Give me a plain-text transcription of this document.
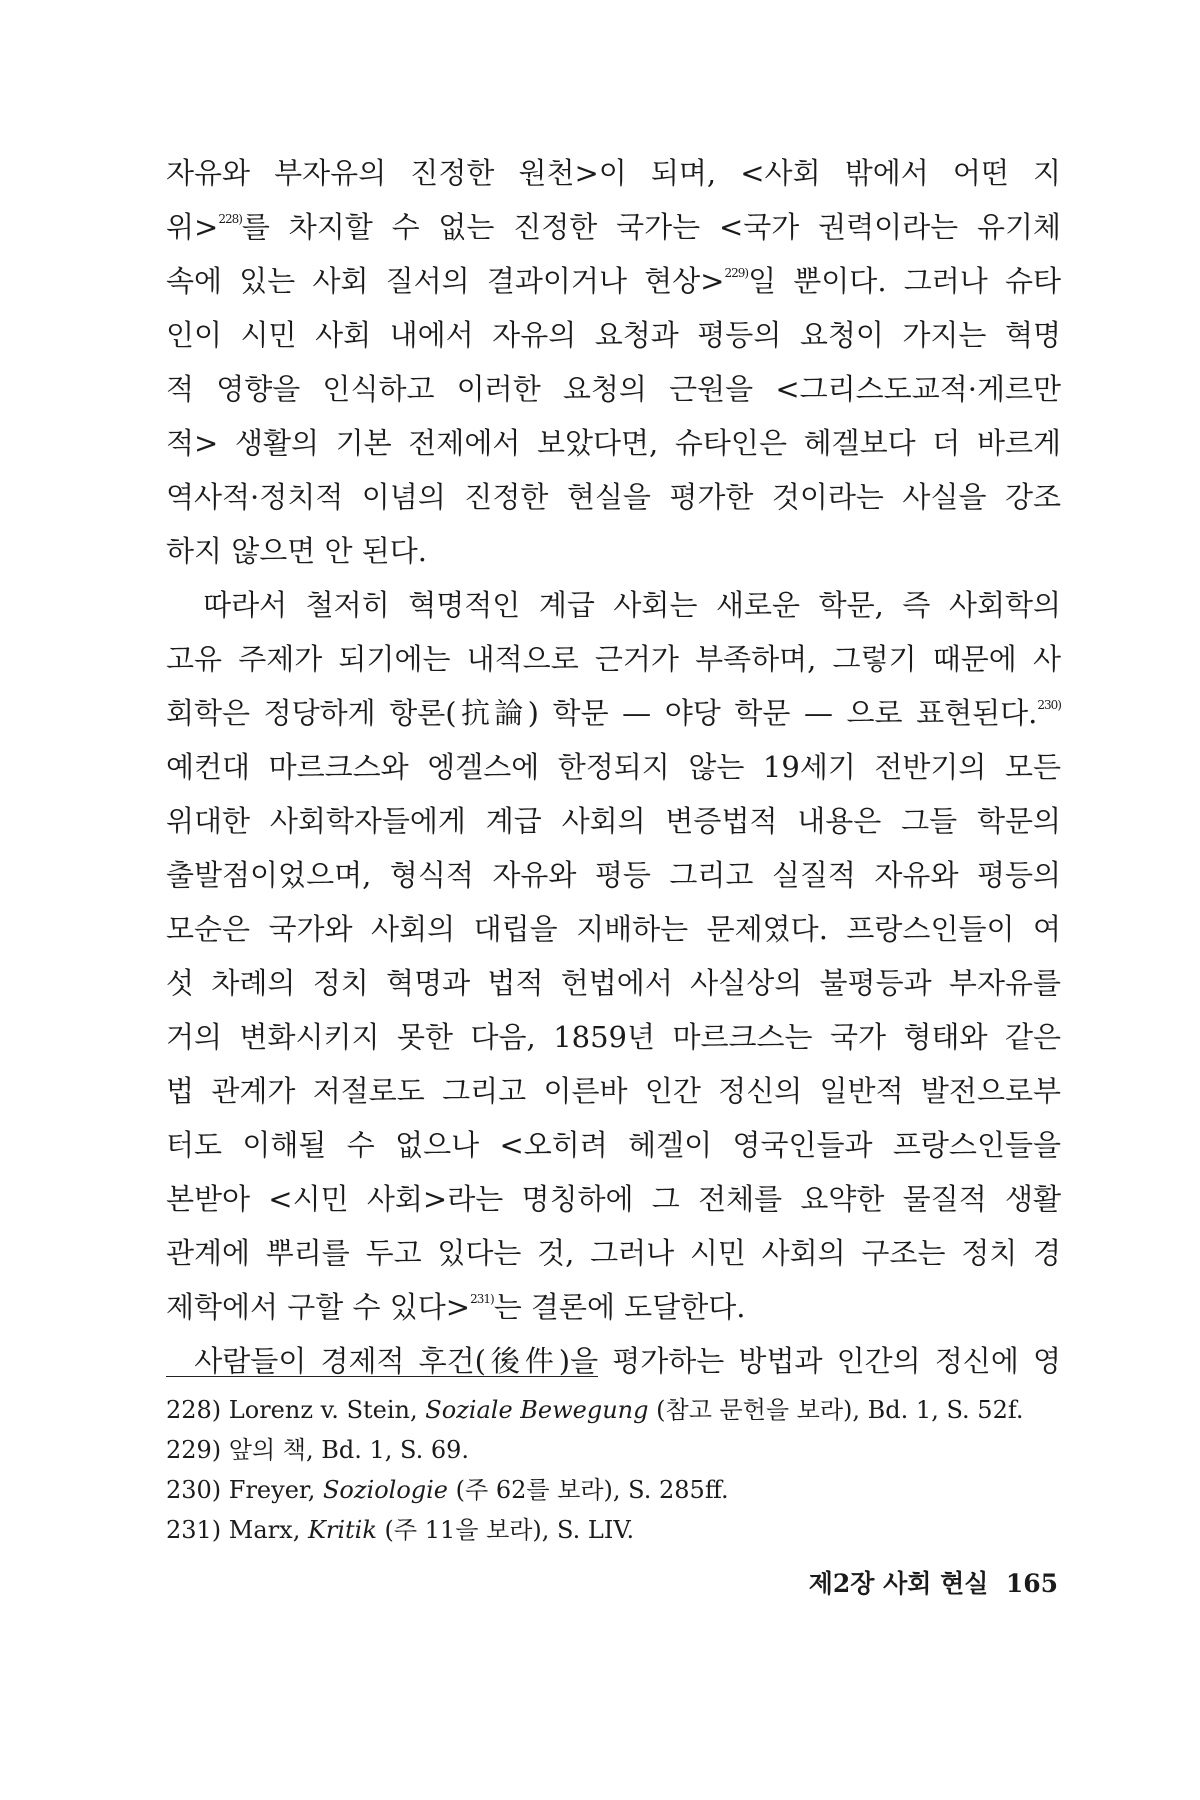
자유와 부자유의 진정한 원천>이 되며, <사회 밖에서 어떤 지
위>$^{228)}$를 차지할 수 없는 진정한 국가는 <국가 권력이라는 유기체
속에 있는 사회 질서의 결과이거나 현상>$^{229)}$일 뿐이다. 그러나 슈타
인이 시민 사회 내에서 자유의 요청과 평등의 요청이 가지는 혁명
적 영향을 인식하고 이러한 요청의 근원을 <그리스도교적·게르만
적> 생활의 기본 전제에서 보았다면, 슈타인은 헤겔보다 더 바르게
역사적·정치적 이념의 진정한 현실을 평가한 것이라는 사실을 강조
하지 않으면 안 된다.
따라서 철저히 혁명적인 계급 사회는 새로운 학문, 즉 사회학의
고유 주제가 되기에는 내적으로 근거가 부족하며, 그렇기 때문에 사
회학은 정당하게 항론(抗論) 학문 — 야당 학문 — 으로 표현된다.$^{230)}$
예컨대 마르크스와 엥겔스에 한정되지 않는 19세기 전반기의 모든
위대한 사회학자들에게 계급 사회의 변증법적 내용은 그들 학문의
출발점이었으며, 형식적 자유와 평등 그리고 실질적 자유와 평등의
모순은 국가와 사회의 대립을 지배하는 문제였다. 프랑스인들이 여
섯 차례의 정치 혁명과 법적 헌법에서 사실상의 불평등과 부자유를
거의 변화시키지 못한 다음, 1859년 마르크스는 국가 형태와 같은
법 관계가 저절로도 그리고 이른바 인간 정신의 일반적 발전으로부
터도 이해될 수 없으나 <오히려 헤겔이 영국인들과 프랑스인들을
본받아 <시민 사회>라는 명칭하에 그 전체를 요약한 물질적 생활
관계에 뿌리를 두고 있다는 것, 그러나 시민 사회의 구조는 정치 경
제학에서 구할 수 있다>$^{231)}$는 결론에 도달한다.
사람들이 경제적 후건(後件)을 평가하는 방법과 인간의 정신에 영
228) Lorenz v. Stein, Soziale Bewegung (참고 문헌을 보라), Bd. 1, S. 52f.
229) 앞의 책, Bd. 1, S. 69.
230) Freyer, Soziologie (주 62를 보라), S. 285ff.
231) Marx, Kritik (주 11을 보라), S. LIV.
제2장 사회 현실  165
